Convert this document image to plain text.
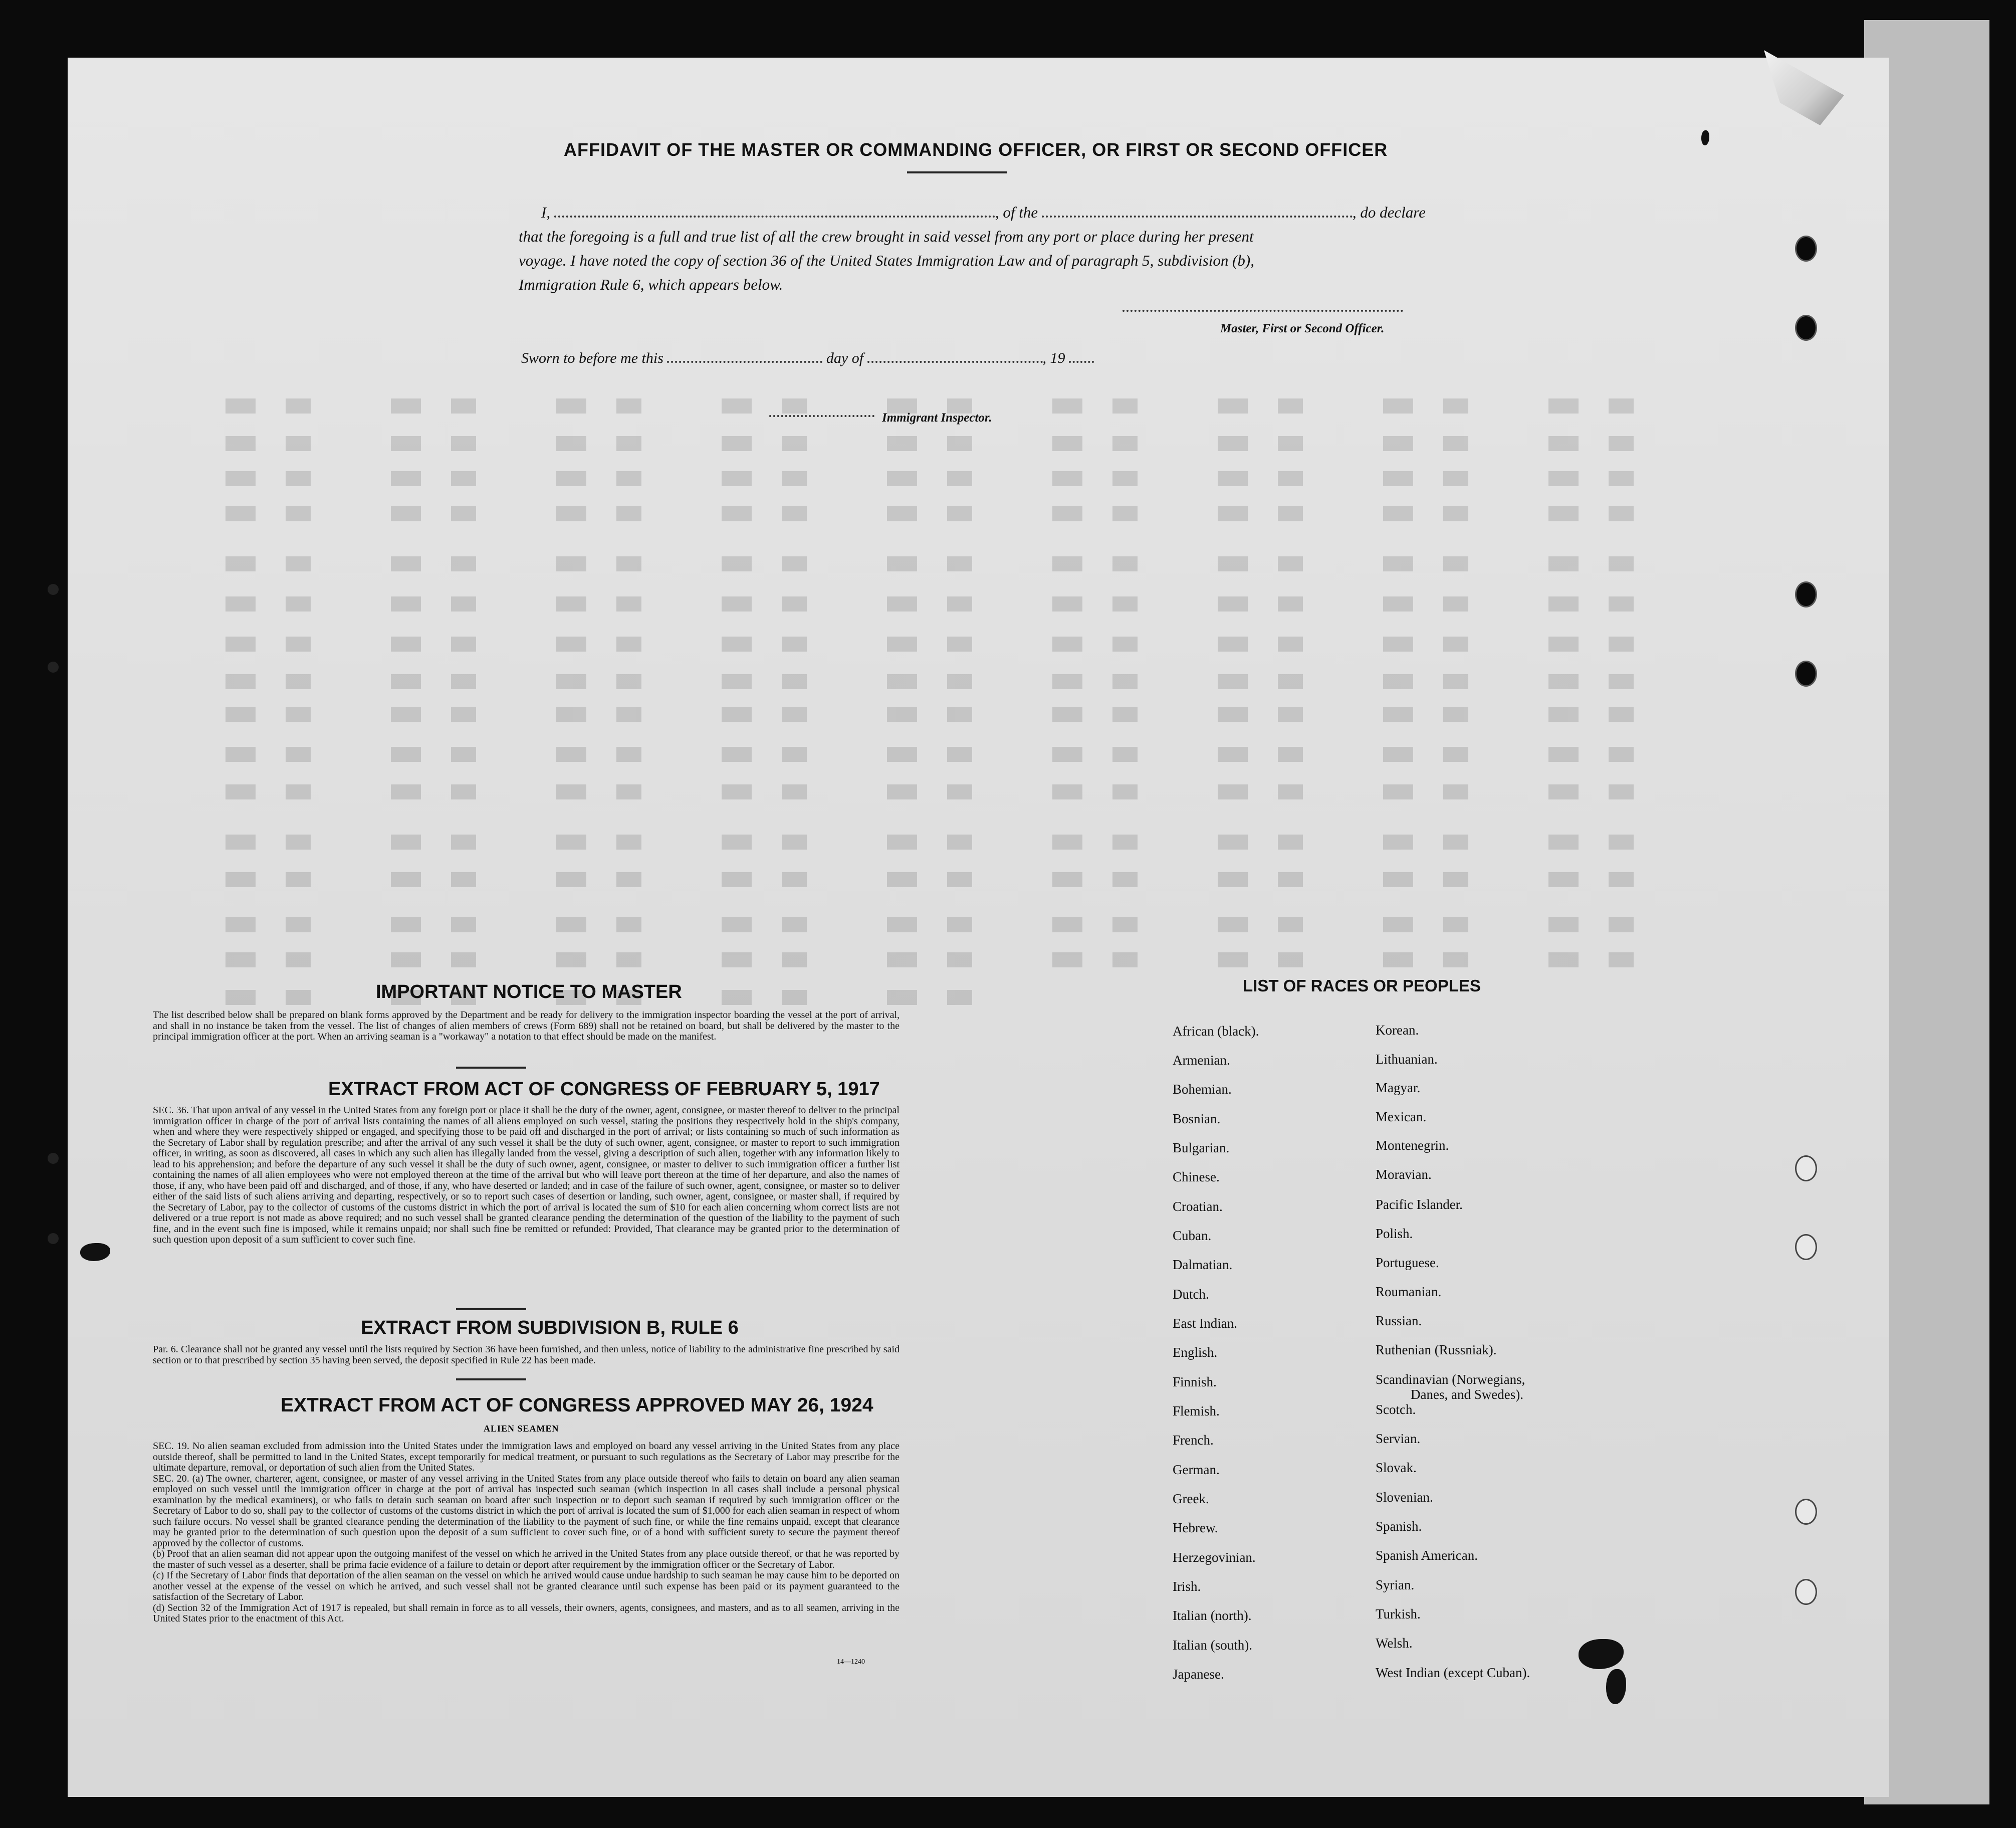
AFFIDAVIT OF THE MASTER OR COMMANDING OFFICER, OR FIRST OR SECOND OFFICER
I,	, of the	, do declare
that the foregoing is a full and true list of all the crew brought in said vessel from any port or place during her present
voyage. I have noted the copy of section 36 of the United States Immigration Law and of paragraph 5, subdivision (b),
Immigration Rule 6, which appears below.
Master, First or Second Officer.
Sworn to before me this	day of	, 19
Immigrant Inspector.
IMPORTANT NOTICE TO MASTER
The list described below shall be prepared on blank forms approved by the Department and be ready for delivery to the immigration inspector boarding the vessel at the port of arrival, and shall in no instance be taken from the vessel. The list of changes of alien members of crews (Form 689) shall not be retained on board, but shall be delivered by the master to the principal immigration officer at the port. When an arriving seaman is a "workaway" a notation to that effect should be made on the manifest.
EXTRACT FROM ACT OF CONGRESS OF FEBRUARY 5, 1917
SEC. 36. That upon arrival of any vessel in the United States from any foreign port or place it shall be the duty of the owner, agent, consignee, or master thereof to deliver to the principal immigration officer in charge of the port of arrival lists containing the names of all aliens employed on such vessel, stating the positions they respectively hold in the ship's company, when and where they were respectively shipped or engaged, and specifying those to be paid off and discharged in the port of arrival; or lists containing so much of such information as the Secretary of Labor shall by regulation prescribe; and after the arrival of any such vessel it shall be the duty of such owner, agent, consignee, or master to report to such immigration officer, in writing, as soon as discovered, all cases in which any such alien has illegally landed from the vessel, giving a description of such alien, together with any information likely to lead to his apprehension; and before the departure of any such vessel it shall be the duty of such owner, agent, consignee, or master to deliver to such immigration officer a further list containing the names of all alien employees who were not employed thereon at the time of the arrival but who will leave port thereon at the time of her departure, and also the names of those, if any, who have been paid off and discharged, and of those, if any, who have deserted or landed; and in case of the failure of such owner, agent, consignee, or master so to deliver either of the said lists of such aliens arriving and departing, respectively, or so to report such cases of desertion or landing, such owner, agent, consignee, or master shall, if required by the Secretary of Labor, pay to the collector of customs of the customs district in which the port of arrival is located the sum of $10 for each alien concerning whom correct lists are not delivered or a true report is not made as above required; and no such vessel shall be granted clearance pending the determination of the question of the liability to the payment of such fine, and in the event such fine is imposed, while it remains unpaid; nor shall such fine be remitted or refunded: Provided, That clearance may be granted prior to the determination of such question upon deposit of a sum sufficient to cover such fine.
EXTRACT FROM SUBDIVISION B, RULE 6
Par. 6. Clearance shall not be granted any vessel until the lists required by Section 36 have been furnished, and then unless, notice of liability to the administrative fine prescribed by said section or to that prescribed by section 35 having been served, the deposit specified in Rule 22 has been made.
EXTRACT FROM ACT OF CONGRESS APPROVED MAY 26, 1924
ALIEN SEAMEN
SEC. 19. No alien seaman excluded from admission into the United States under the immigration laws and employed on board any vessel arriving in the United States from any place outside thereof, shall be permitted to land in the United States, except temporarily for medical treatment, or pursuant to such regulations as the Secretary of Labor may prescribe for the ultimate departure, removal, or deportation of such alien from the United States.
SEC. 20. (a) The owner, charterer, agent, consignee, or master of any vessel arriving in the United States from any place outside thereof who fails to detain on board any alien seaman employed on such vessel until the immigration officer in charge at the port of arrival has inspected such seaman (which inspection in all cases shall include a personal physical examination by the medical examiners), or who fails to detain such seaman on board after such inspection or to deport such seaman if required by such immigration officer or the Secretary of Labor to do so, shall pay to the collector of customs of the customs district in which the port of arrival is located the sum of $1,000 for each alien seaman in respect of whom such failure occurs. No vessel shall be granted clearance pending the determination of the liability to the payment of such fine, or while the fine remains unpaid, except that clearance may be granted prior to the determination of such question upon the deposit of a sum sufficient to cover such fine, or of a bond with sufficient surety to secure the payment thereof approved by the collector of customs.
(b) Proof that an alien seaman did not appear upon the outgoing manifest of the vessel on which he arrived in the United States from any place outside thereof, or that he was reported by the master of such vessel as a deserter, shall be prima facie evidence of a failure to detain or deport after requirement by the immigration officer or the Secretary of Labor.
(c) If the Secretary of Labor finds that deportation of the alien seaman on the vessel on which he arrived would cause undue hardship to such seaman he may cause him to be deported on another vessel at the expense of the vessel on which he arrived, and such vessel shall not be granted clearance until such expense has been paid or its payment guaranteed to the satisfaction of the Secretary of Labor.
(d) Section 32 of the Immigration Act of 1917 is repealed, but shall remain in force as to all vessels, their owners, agents, consignees, and masters, and as to all seamen, arriving in the United States prior to the enactment of this Act.
14—1240
LIST OF RACES OR PEOPLES
African (black).
Armenian.
Bohemian.
Bosnian.
Bulgarian.
Chinese.
Croatian.
Cuban.
Dalmatian.
Dutch.
East Indian.
English.
Finnish.
Flemish.
French.
German.
Greek.
Hebrew.
Herzegovinian.
Irish.
Italian (north).
Italian (south).
Japanese.
Korean.
Lithuanian.
Magyar.
Mexican.
Montenegrin.
Moravian.
Pacific Islander.
Polish.
Portuguese.
Roumanian.
Russian.
Ruthenian (Russniak).
Scandinavian (Norwegians,
Danes, and Swedes).
Scotch.
Servian.
Slovak.
Slovenian.
Spanish.
Spanish American.
Syrian.
Turkish.
Welsh.
West Indian (except Cuban).
